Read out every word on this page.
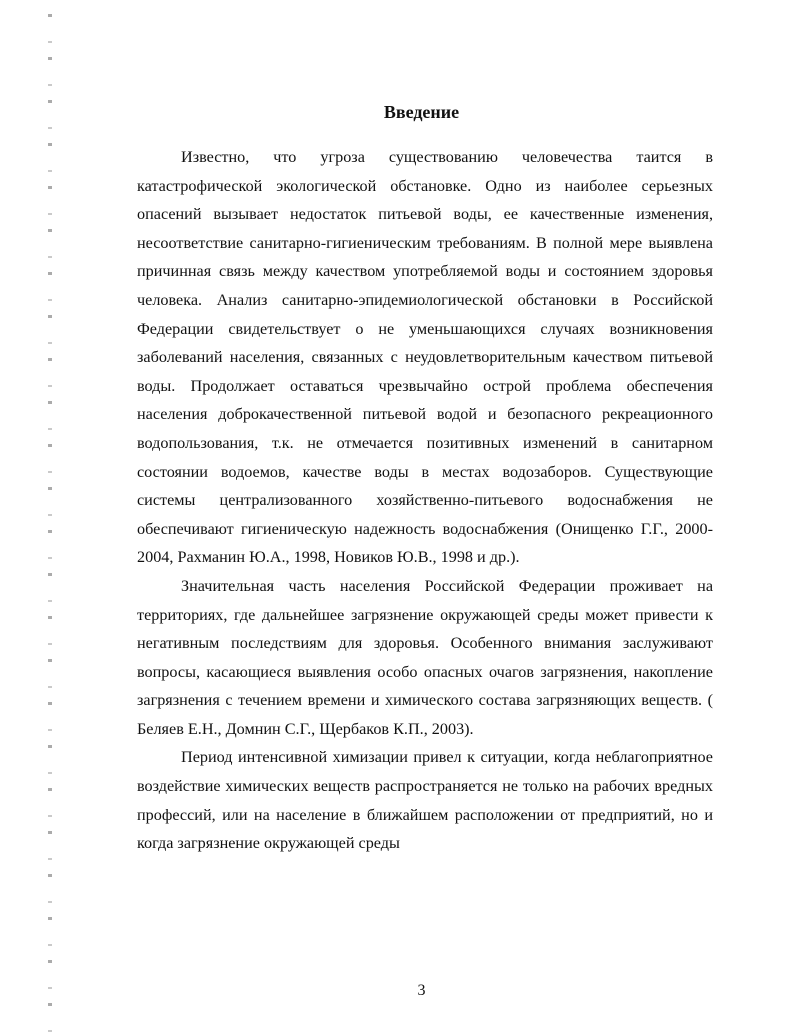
Введение

Известно, что угроза существованию человечества таится в катастрофической экологической обстановке. Одно из наиболее серьезных опасений вызывает недостаток питьевой воды, ее качественные изменения, несоответствие санитарно-гигиеническим требованиям. В полной мере выявлена причинная связь между качеством употребляемой воды и состоянием здоровья человека. Анализ санитарно-эпидемиологической обстановки в Российской Федерации свидетельствует о не уменьшающихся случаях возникновения заболеваний населения, связанных с неудовлетворительным качеством питьевой воды. Продолжает оставаться чрезвычайно острой проблема обеспечения населения доброкачественной питьевой водой и безопасного рекреационного водопользования, т.к. не отмечается позитивных изменений в санитарном состоянии водоемов, качестве воды в местах водозаборов. Существующие системы централизованного хозяйственно-питьевого водоснабжения не обеспечивают гигиеническую надежность водоснабжения (Онищенко Г.Г., 2000-2004, Рахманин Ю.А., 1998, Новиков Ю.В., 1998 и др.).

Значительная часть населения Российской Федерации проживает на территориях, где дальнейшее загрязнение окружающей среды может привести к негативным последствиям для здоровья. Особенного внимания заслуживают вопросы, касающиеся выявления особо опасных очагов загрязнения, накопление загрязнения с течением времени и химического состава загрязняющих веществ. ( Беляев Е.Н., Домнин С.Г., Щербаков К.П., 2003).

Период интенсивной химизации привел к ситуации, когда неблагоприятное воздействие химических веществ распространяется не только на рабочих вредных профессий, или на население в ближайшем расположении от предприятий, но и когда загрязнение окружающей среды

3
